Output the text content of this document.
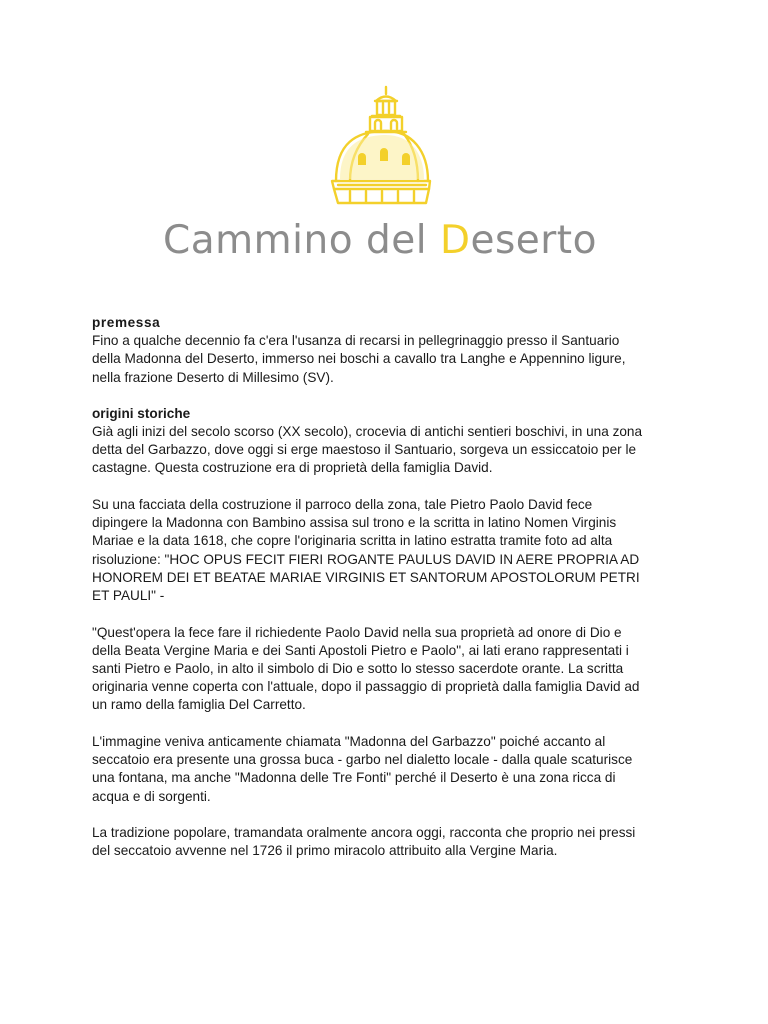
Cammino del Deserto

premessa

Fino a qualche decennio fa c'era l'usanza di recarsi in pellegrinaggio presso il Santuario

della Madonna del Deserto, immerso nei boschi a cavallo tra Langhe e Appennino ligure,

nella frazione Deserto di Millesimo (SV).

origini storiche

Già agli inizi del secolo scorso (XX secolo), crocevia di antichi sentieri boschivi, in una zona

detta del Garbazzo, dove oggi si erge maestoso il Santuario, sorgeva un essiccatoio per le

castagne. Questa costruzione era di proprietà della famiglia David.

Su una facciata della costruzione il parroco della zona, tale Pietro Paolo David fece

dipingere la Madonna con Bambino assisa sul trono e la scritta in latino Nomen Virginis

Mariae e la data 1618, che copre l'originaria scritta in latino estratta tramite foto ad alta

risoluzione: "HOC OPUS FECIT FIERI ROGANTE PAULUS DAVID IN AERE PROPRIA AD

HONOREM DEI ET BEATAE MARIAE VIRGINIS ET SANTORUM APOSTOLORUM PETRI

ET PAULI" -

"Quest'opera la fece fare il richiedente Paolo David nella sua proprietà ad onore di Dio e

della Beata Vergine Maria e dei Santi Apostoli Pietro e Paolo", ai lati erano rappresentati i

santi Pietro e Paolo, in alto il simbolo di Dio e sotto lo stesso sacerdote orante. La scritta

originaria venne coperta con l'attuale, dopo il passaggio di proprietà dalla famiglia David ad

un ramo della famiglia Del Carretto.

L'immagine veniva anticamente chiamata "Madonna del Garbazzo" poiché accanto al

seccatoio era presente una grossa buca - garbo nel dialetto locale - dalla quale scaturisce

una fontana, ma anche "Madonna delle Tre Fonti" perché il Deserto è una zona ricca di

acqua e di sorgenti.

La tradizione popolare, tramandata oralmente ancora oggi, racconta che proprio nei pressi

del seccatoio avvenne nel 1726 il primo miracolo attribuito alla Vergine Maria.
